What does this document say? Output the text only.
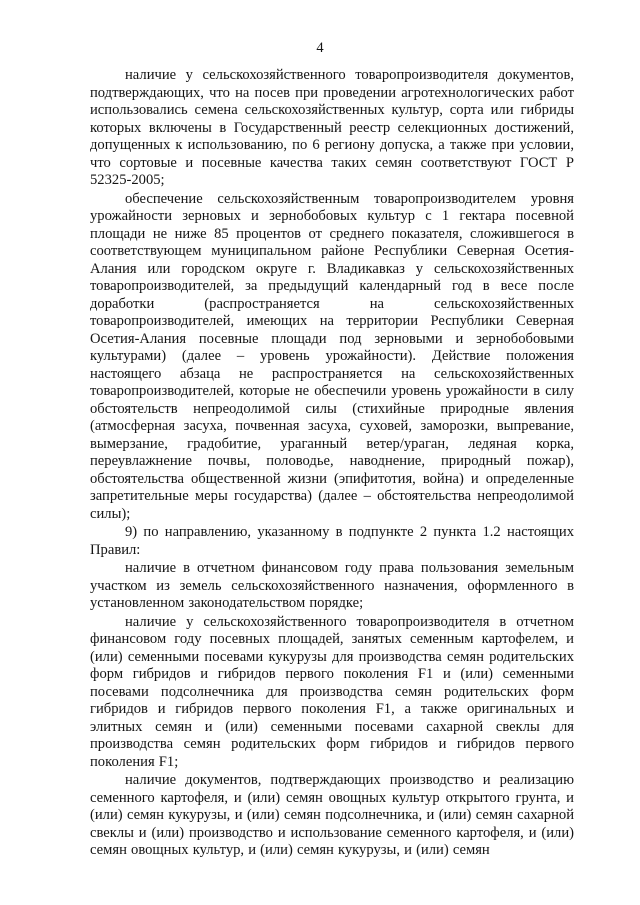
4

наличие у сельскохозяйственного товаропроизводителя документов, подтверждающих, что на посев при проведении агротехнологических работ использовались семена сельскохозяйственных культур, сорта или гибриды которых включены в Государственный реестр селекционных достижений, допущенных к использованию, по 6 региону допуска, а также при условии, что сортовые и посевные качества таких семян соответствуют ГОСТ Р 52325-2005;

обеспечение сельскохозяйственным товаропроизводителем уровня урожайности зерновых и зернобобовых культур с 1 гектара посевной площади не ниже 85 процентов от среднего показателя, сложившегося в соответствующем муниципальном районе Республики Северная Осетия-Алания или городском округе г. Владикавказ у сельскохозяйственных товаропроизводителей, за предыдущий календарный год в весе после доработки (распространяется на сельскохозяйственных товаропроизводителей, имеющих на территории Республики Северная Осетия-Алания посевные площади под зерновыми и зернобобовыми культурами) (далее – уровень урожайности). Действие положения настоящего абзаца не распространяется на сельскохозяйственных товаропроизводителей, которые не обеспечили уровень урожайности в силу обстоятельств непреодолимой силы (стихийные природные явления (атмосферная засуха, почвенная засуха, суховей, заморозки, выпревание, вымерзание, градобитие, ураганный ветер/ураган, ледяная корка, переувлажнение почвы, половодье, наводнение, природный пожар), обстоятельства общественной жизни (эпифитотия, война) и определенные запретительные меры государства) (далее – обстоятельства непреодолимой силы);

9) по направлению, указанному в подпункте 2 пункта 1.2 настоящих Правил:

наличие в отчетном финансовом году права пользования земельным участком из земель сельскохозяйственного назначения, оформленного в установленном законодательством порядке;

наличие у сельскохозяйственного товаропроизводителя в отчетном финансовом году посевных площадей, занятых семенным картофелем, и (или) семенными посевами кукурузы для производства семян родительских форм гибридов и гибридов первого поколения F1 и (или) семенными посевами подсолнечника для производства семян родительских форм гибридов и гибридов первого поколения F1, а также оригинальных и элитных семян и (или) семенными посевами сахарной свеклы для производства семян родительских форм гибридов и гибридов первого поколения F1;

наличие документов, подтверждающих производство и реализацию семенного картофеля, и (или) семян овощных культур открытого грунта, и (или) семян кукурузы, и (или) семян подсолнечника, и (или) семян сахарной свеклы и (или) производство и использование семенного картофеля, и (или) семян овощных культур, и (или) семян кукурузы, и (или) семян
